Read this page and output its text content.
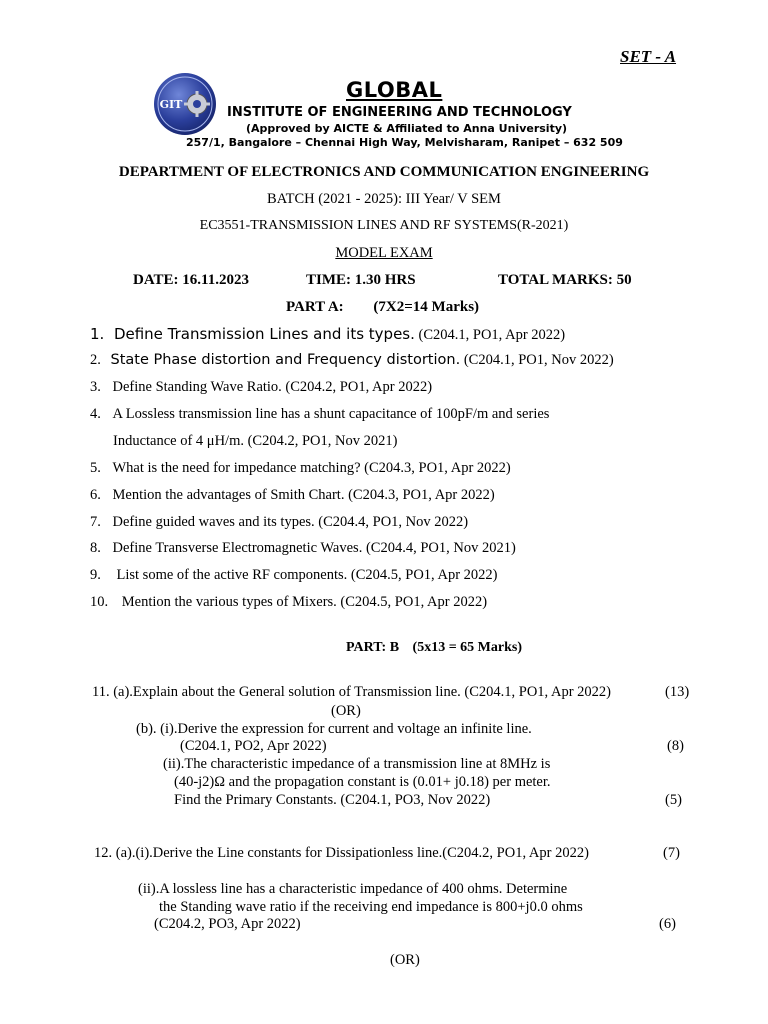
SET - A
GIT
GLOBAL
INSTITUTE OF ENGINEERING AND TECHNOLOGY
(Approved by AICTE & Affiliated to Anna University)
257/1, Bangalore – Chennai High Way, Melvisharam, Ranipet – 632 509
DEPARTMENT OF ELECTRONICS AND COMMUNICATION ENGINEERING
BATCH (2021 - 2025): III Year/ V SEM
EC3551-TRANSMISSION LINES AND RF SYSTEMS(R-2021)
MODEL EXAM
DATE: 16.11.2023	TIME: 1.30 HRS	TOTAL MARKS: 50
PART A: (7X2=14 Marks)
1. Define Transmission Lines and its types. (C204.1, PO1, Apr 2022)
2. State Phase distortion and Frequency distortion. (C204.1, PO1, Nov 2022)
3. Define Standing Wave Ratio. (C204.2, PO1, Apr 2022)
4. A Lossless transmission line has a shunt capacitance of 100pF/m and series
Inductance of 4 μH/m. (C204.2, PO1, Nov 2021)
5. What is the need for impedance matching? (C204.3, PO1, Apr 2022)
6. Mention the advantages of Smith Chart. (C204.3, PO1, Apr 2022)
7. Define guided waves and its types. (C204.4, PO1, Nov 2022)
8. Define Transverse Electromagnetic Waves. (C204.4, PO1, Nov 2021)
9. List some of the active RF components. (C204.5, PO1, Apr 2022)
10. Mention the various types of Mixers. (C204.5, PO1, Apr 2022)
PART: B (5x13 = 65 Marks)
11. (a).Explain about the General solution of Transmission line. (C204.1, PO1, Apr 2022)	(13)
(OR)
(b). (i).Derive the expression for current and voltage an infinite line.
(C204.1, PO2, Apr 2022)	(8)
(ii).The characteristic impedance of a transmission line at 8MHz is
(40-j2)Ω and the propagation constant is (0.01+ j0.18) per meter.
Find the Primary Constants. (C204.1, PO3, Nov 2022)	(5)
12. (a).(i).Derive the Line constants for Dissipationless line.(C204.2, PO1, Apr 2022)	(7)
(ii).A lossless line has a characteristic impedance of 400 ohms. Determine
the Standing wave ratio if the receiving end impedance is 800+j0.0 ohms
(C204.2, PO3, Apr 2022)	(6)
(OR)
